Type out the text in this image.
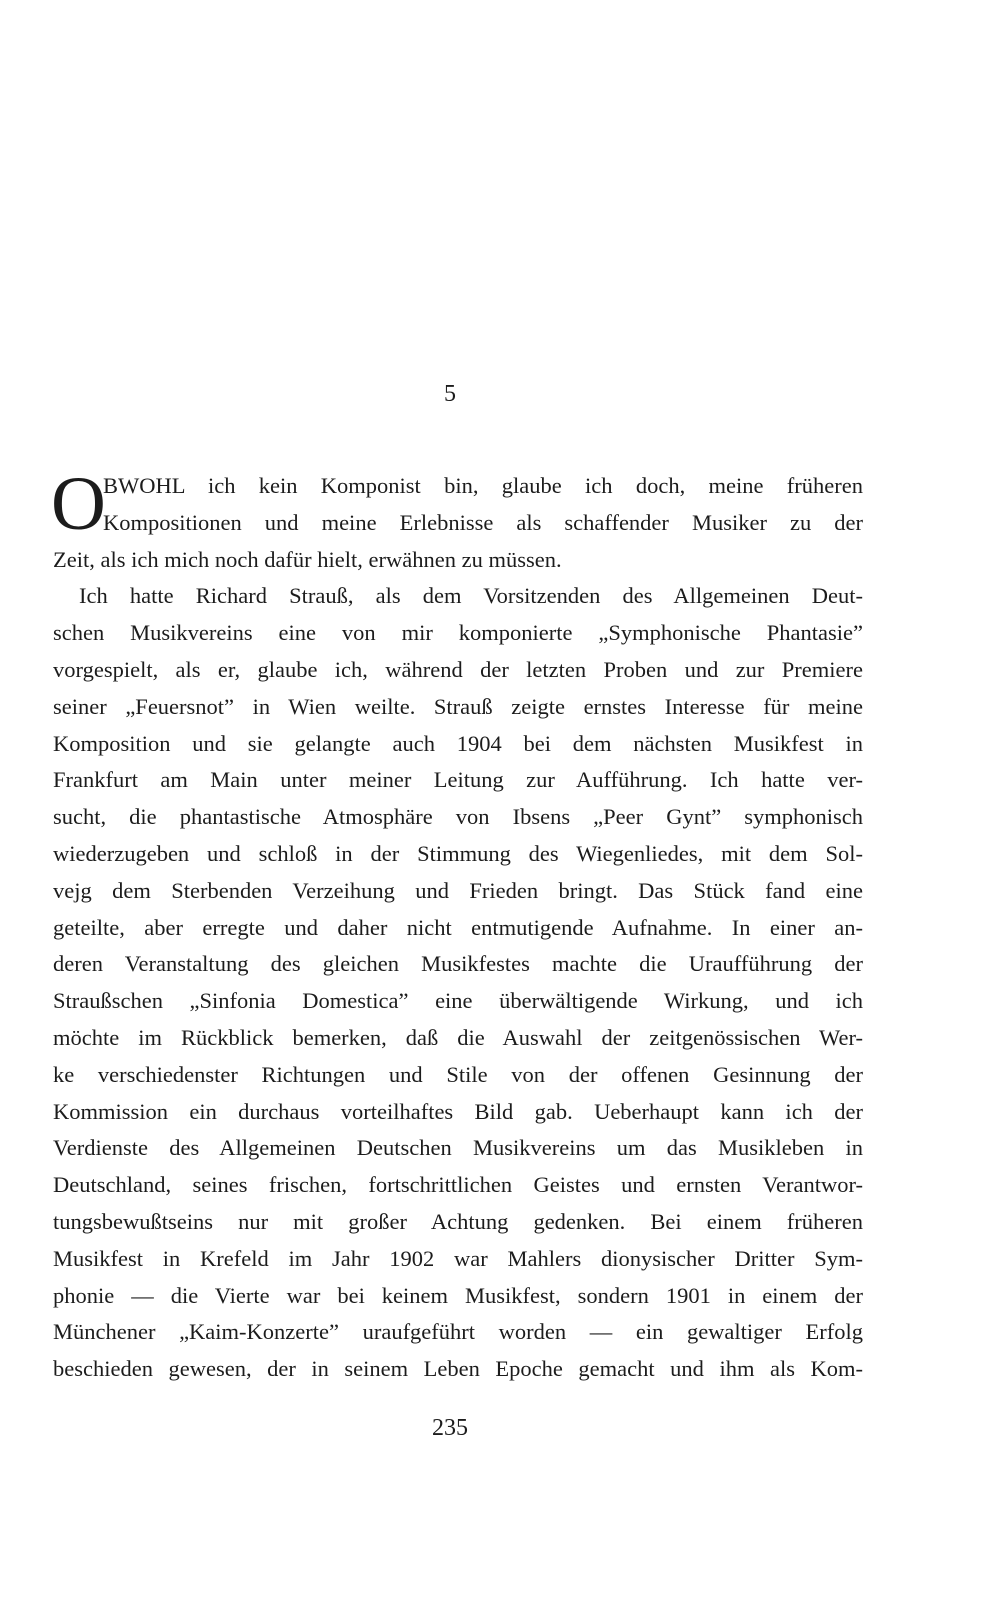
5
O
BWOHL ich kein Komponist bin, glaube ich doch, meine früheren
Kompositionen und meine Erlebnisse als schaffender Musiker zu der
Zeit, als ich mich noch dafür hielt, erwähnen zu müssen.
Ich hatte Richard Strauß, als dem Vorsitzenden des Allgemeinen Deut-
schen Musikvereins eine von mir komponierte „Symphonische Phantasie”
vorgespielt, als er, glaube ich, während der letzten Proben und zur Premiere
seiner „Feuersnot” in Wien weilte. Strauß zeigte ernstes Interesse für meine
Komposition und sie gelangte auch 1904 bei dem nächsten Musikfest in
Frankfurt am Main unter meiner Leitung zur Aufführung. Ich hatte ver-
sucht, die phantastische Atmosphäre von Ibsens „Peer Gynt” symphonisch
wiederzugeben und schloß in der Stimmung des Wiegenliedes, mit dem Sol-
vejg dem Sterbenden Verzeihung und Frieden bringt. Das Stück fand eine
geteilte, aber erregte und daher nicht entmutigende Aufnahme. In einer an-
deren Veranstaltung des gleichen Musikfestes machte die Uraufführung der
Straußschen „Sinfonia Domestica” eine überwältigende Wirkung, und ich
möchte im Rückblick bemerken, daß die Auswahl der zeitgenössischen Wer-
ke verschiedenster Richtungen und Stile von der offenen Gesinnung der
Kommission ein durchaus vorteilhaftes Bild gab. Ueberhaupt kann ich der
Verdienste des Allgemeinen Deutschen Musikvereins um das Musikleben in
Deutschland, seines frischen, fortschrittlichen Geistes und ernsten Verantwor-
tungsbewußtseins nur mit großer Achtung gedenken. Bei einem früheren
Musikfest in Krefeld im Jahr 1902 war Mahlers dionysischer Dritter Sym-
phonie — die Vierte war bei keinem Musikfest, sondern 1901 in einem der
Münchener „Kaim-Konzerte” uraufgeführt worden — ein gewaltiger Erfolg
beschieden gewesen, der in seinem Leben Epoche gemacht und ihm als Kom-
235
